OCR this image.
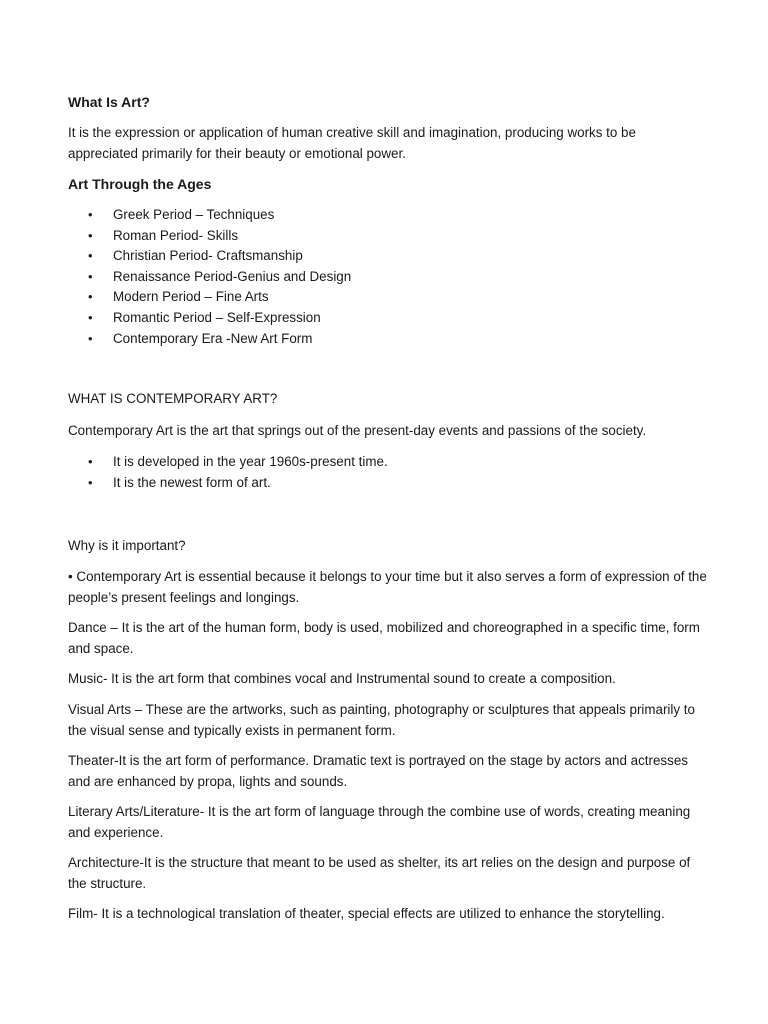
What Is Art?

It is the expression or application of human creative skill and imagination, producing works to be appreciated primarily for their beauty or emotional power.

Art Through the Ages

• Greek Period – Techniques
• Roman Period- Skills
• Christian Period- Craftsmanship
• Renaissance Period-Genius and Design
• Modern Period – Fine Arts
• Romantic Period – Self-Expression
• Contemporary Era -New Art Form

WHAT IS CONTEMPORARY ART?

Contemporary Art is the art that springs out of the present-day events and passions of the society.

• It is developed in the year 1960s-present time.
• It is the newest form of art.

Why is it important?

• Contemporary Art is essential because it belongs to your time but it also serves a form of expression of the people’s present feelings and longings.

Dance – It is the art of the human form, body is used, mobilized and choreographed in a specific time, form and space.

Music- It is the art form that combines vocal and Instrumental sound to create a composition.

Visual Arts – These are the artworks, such as painting, photography or sculptures that appeals primarily to the visual sense and typically exists in permanent form.

Theater-It is the art form of performance. Dramatic text is portrayed on the stage by actors and actresses and are enhanced by propa, lights and sounds.

Literary Arts/Literature- It is the art form of language through the combine use of words, creating meaning and experience.

Architecture-It is the structure that meant to be used as shelter, its art relies on the design and purpose of the structure.

Film- It is a technological translation of theater, special effects are utilized to enhance the storytelling.
